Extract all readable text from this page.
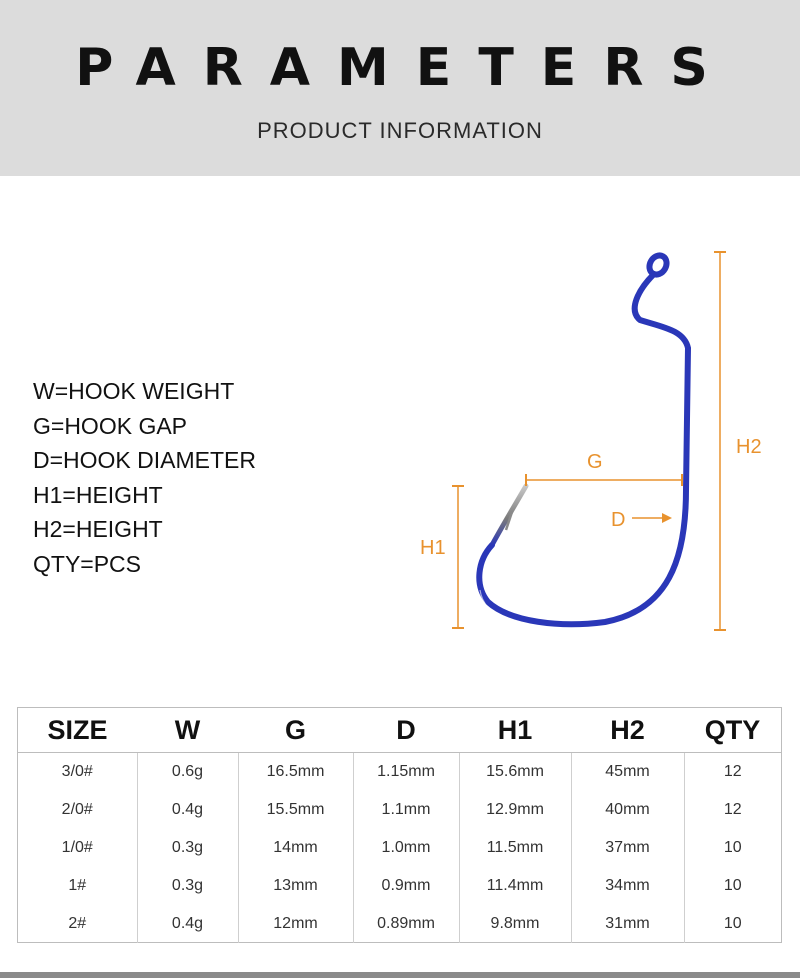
PARAMETERS
PRODUCT INFORMATION
W=HOOK WEIGHT
G=HOOK GAP
D=HOOK DIAMETER
H1=HEIGHT
H2=HEIGHT
QTY=PCS
H2
H1
G
D
SIZE	W	G	D	H1	H2	QTY
3/0#	0.6g	16.5mm	1.15mm	15.6mm	45mm	12
2/0#	0.4g	15.5mm	1.1mm	12.9mm	40mm	12
1/0#	0.3g	14mm	1.0mm	11.5mm	37mm	10
1#	0.3g	13mm	0.9mm	11.4mm	34mm	10
2#	0.4g	12mm	0.89mm	9.8mm	31mm	10
